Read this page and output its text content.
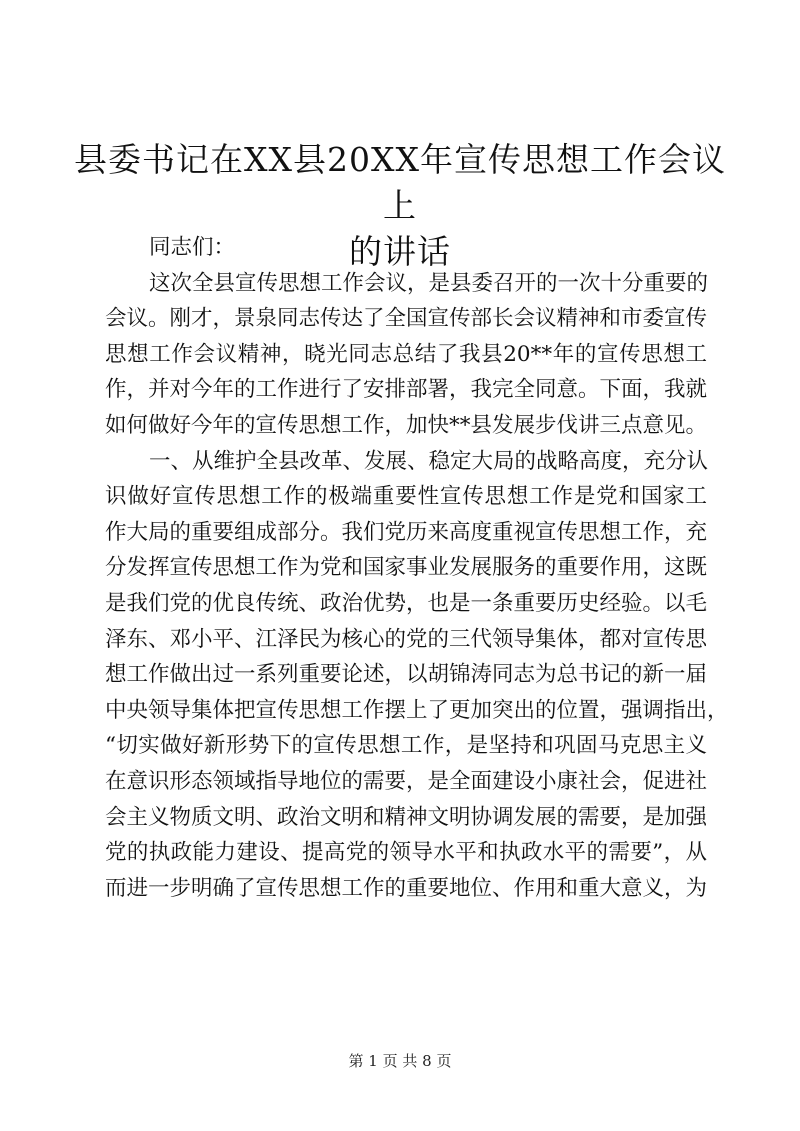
县委书记在XX县20XX年宣传思想工作会议上
的讲话
同志们：
这次全县宣传思想工作会议，是县委召开的一次十分重要的
会议。刚才，景泉同志传达了全国宣传部长会议精神和市委宣传
思想工作会议精神，晓光同志总结了我县20**年的宣传思想工
作，并对今年的工作进行了安排部署，我完全同意。下面，我就
如何做好今年的宣传思想工作，加快**县发展步伐讲三点意见。
一、从维护全县改革、发展、稳定大局的战略高度，充分认
识做好宣传思想工作的极端重要性宣传思想工作是党和国家工
作大局的重要组成部分。我们党历来高度重视宣传思想工作，充
分发挥宣传思想工作为党和国家事业发展服务的重要作用，这既
是我们党的优良传统、政治优势，也是一条重要历史经验。以毛
泽东、邓小平、江泽民为核心的党的三代领导集体，都对宣传思
想工作做出过一系列重要论述，以胡锦涛同志为总书记的新一届
中央领导集体把宣传思想工作摆上了更加突出的位置，强调指出，
“切实做好新形势下的宣传思想工作，是坚持和巩固马克思主义
在意识形态领域指导地位的需要，是全面建设小康社会，促进社
会主义物质文明、政治文明和精神文明协调发展的需要，是加强
党的执政能力建设、提高党的领导水平和执政水平的需要”，从
而进一步明确了宣传思想工作的重要地位、作用和重大意义，为
第 1 页 共 8 页
